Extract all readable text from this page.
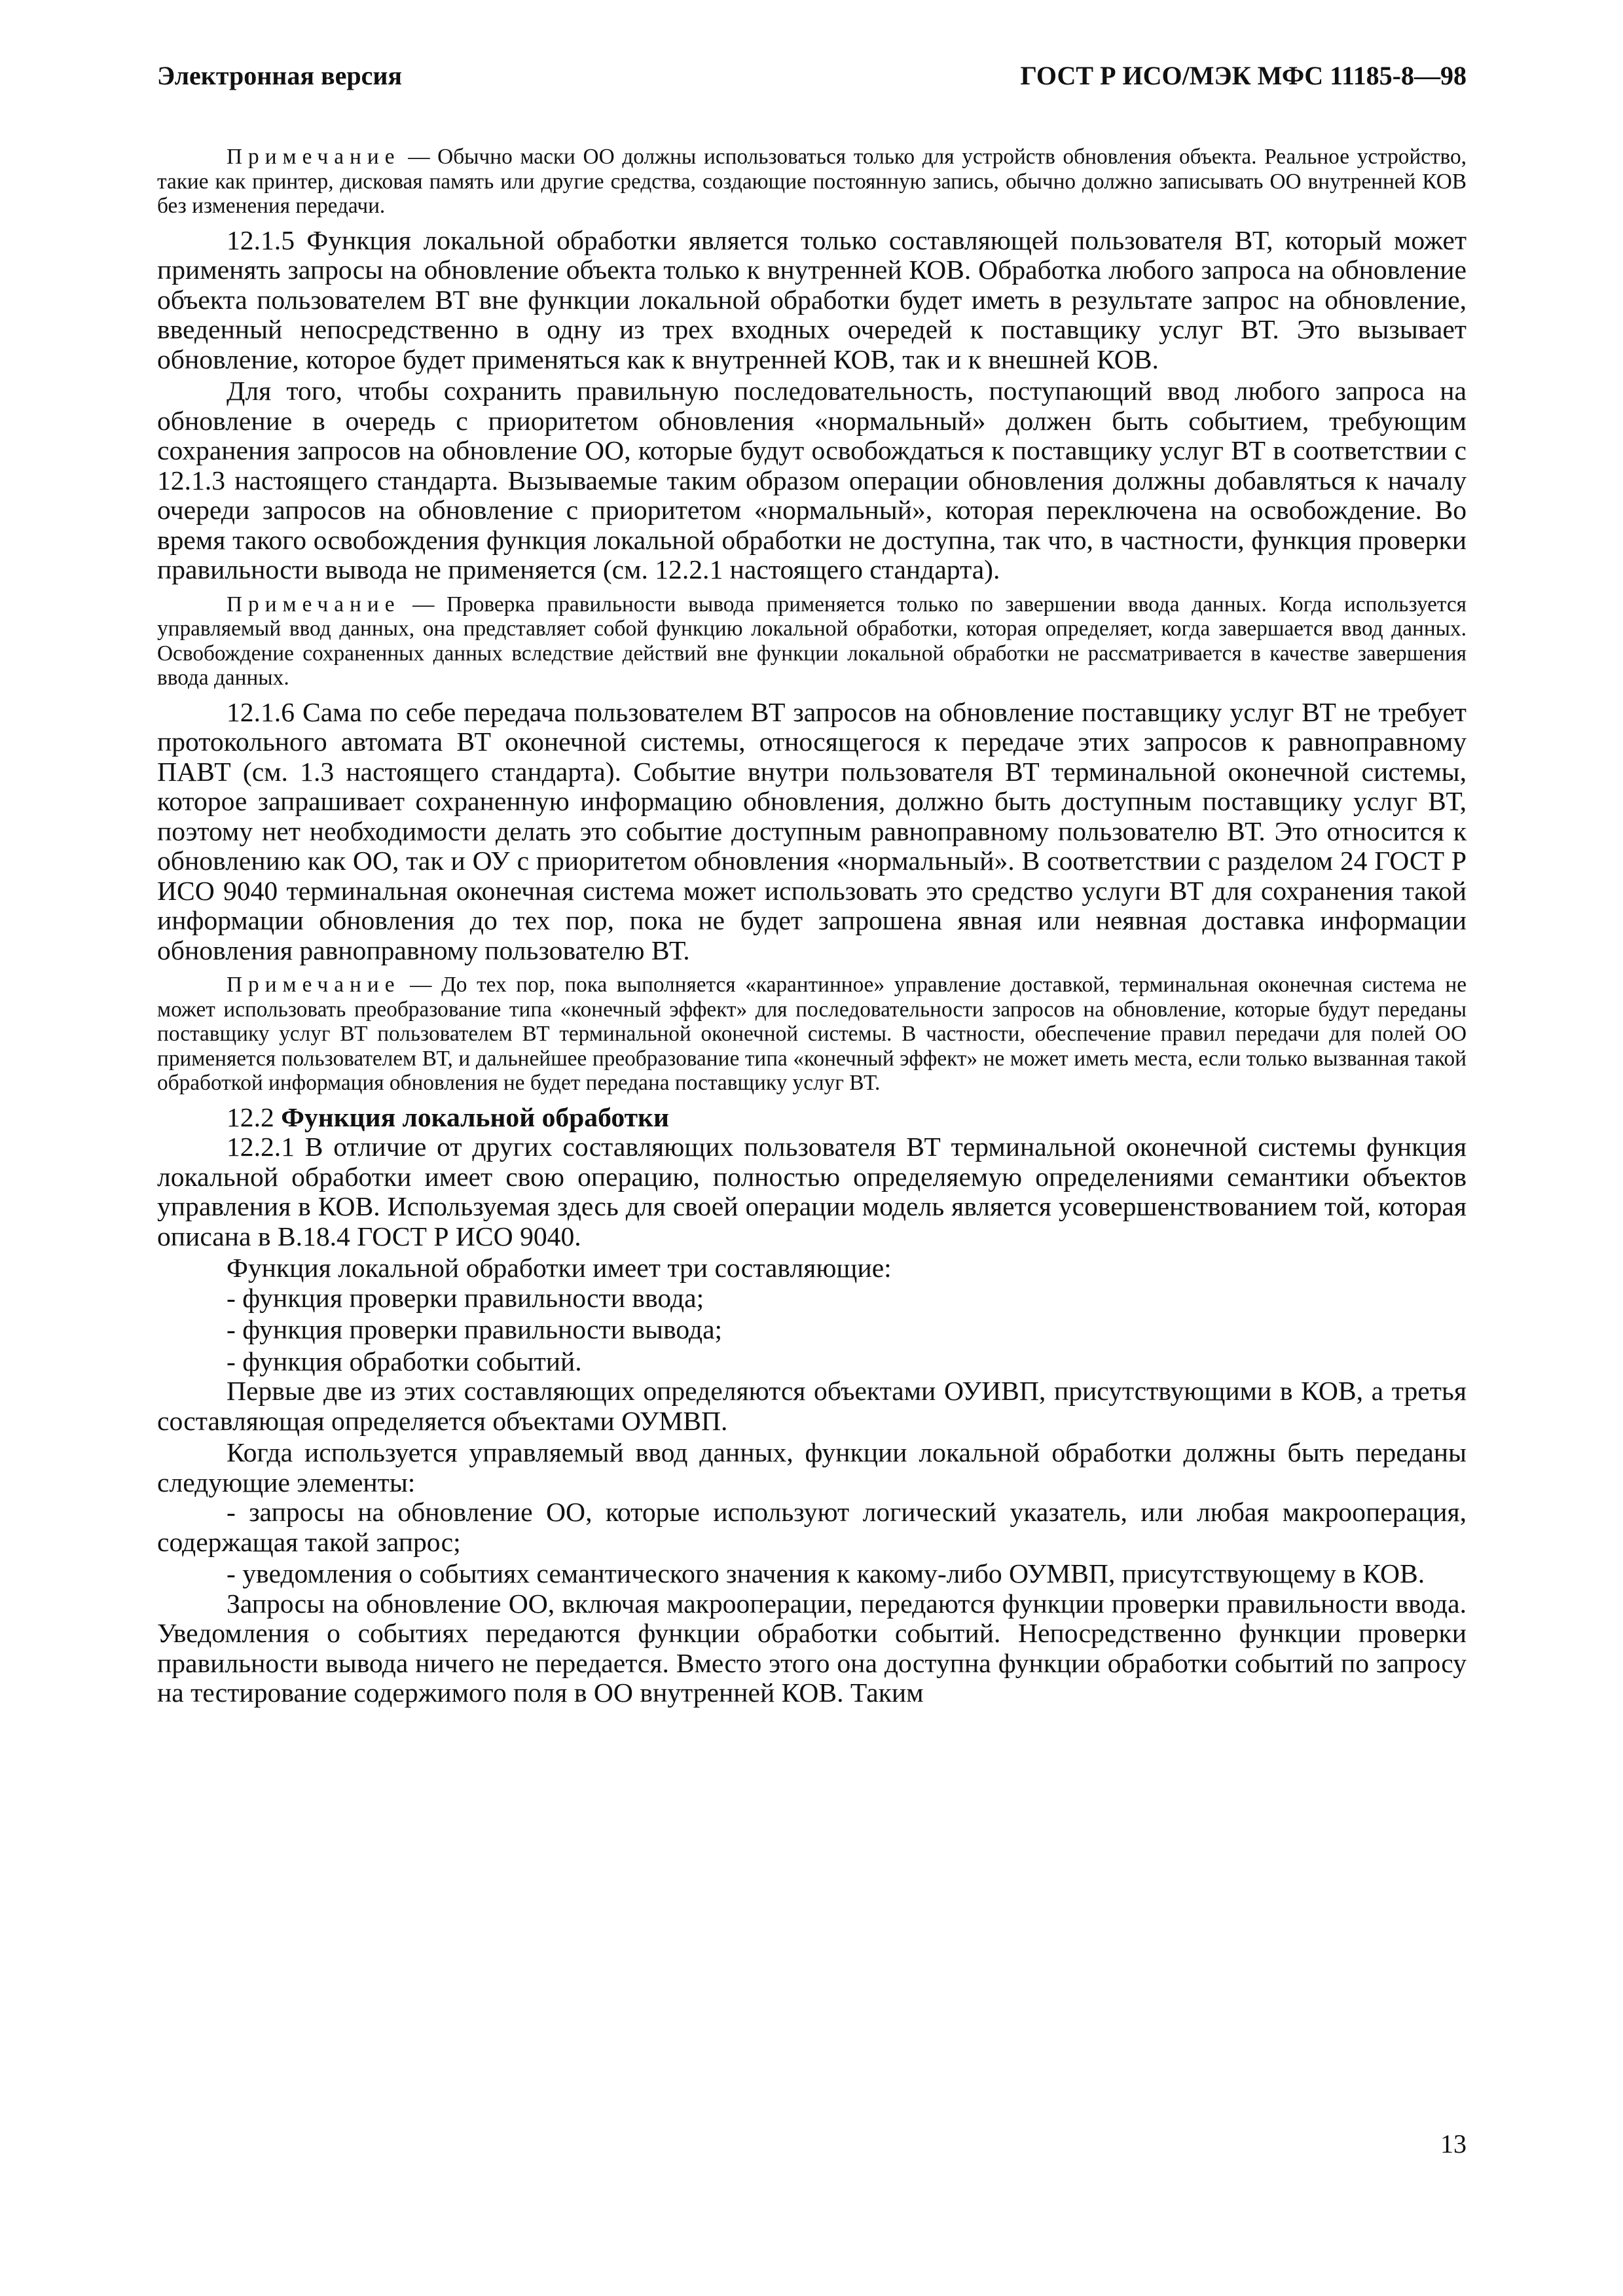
Электронная версия	ГОСТ Р ИСО/МЭК МФС 11185-8—98

Примечание — Обычно маски ОО должны использоваться только для устройств обновления объекта. Реальное устройство, такие как принтер, дисковая память или другие средства, создающие постоянную запись, обычно должно записывать ОО внутренней КОВ без изменения передачи.

12.1.5 Функция локальной обработки является только составляющей пользователя ВТ, который может применять запросы на обновление объекта только к внутренней КОВ. Обработка любого запроса на обновление объекта пользователем ВТ вне функции локальной обработки будет иметь в результате запрос на обновление, введенный непосредственно в одну из трех входных очередей к поставщику услуг ВТ. Это вызывает обновление, которое будет применяться как к внутренней КОВ, так и к внешней КОВ.

Для того, чтобы сохранить правильную последовательность, поступающий ввод любого запроса на обновление в очередь с приоритетом обновления «нормальный» должен быть событием, требующим сохранения запросов на обновление ОО, которые будут освобождаться к поставщику услуг ВТ в соответствии с 12.1.3 настоящего стандарта. Вызываемые таким образом операции обновления должны добавляться к началу очереди запросов на обновление с приоритетом «нормальный», которая переключена на освобождение. Во время такого освобождения функция локальной обработки не доступна, так что, в частности, функция проверки правильности вывода не применяется (см. 12.2.1 настоящего стандарта).

Примечание — Проверка правильности вывода применяется только по завершении ввода данных. Когда используется управляемый ввод данных, она представляет собой функцию локальной обработки, которая определяет, когда завершается ввод данных. Освобождение сохраненных данных вследствие действий вне функции локальной обработки не рассматривается в качестве завершения ввода данных.

12.1.6 Сама по себе передача пользователем ВТ запросов на обновление поставщику услуг ВТ не требует протокольного автомата ВТ оконечной системы, относящегося к передаче этих запросов к равноправному ПАВТ (см. 1.3 настоящего стандарта). Событие внутри пользователя ВТ терминальной оконечной системы, которое запрашивает сохраненную информацию обновления, должно быть доступным поставщику услуг ВТ, поэтому нет необходимости делать это событие доступным равноправному пользователю ВТ. Это относится к обновлению как ОО, так и ОУ с приоритетом обновления «нормальный». В соответствии с разделом 24 ГОСТ Р ИСО 9040 терминальная оконечная система может использовать это средство услуги ВТ для сохранения такой информации обновления до тех пор, пока не будет запрошена явная или неявная доставка информации обновления равноправному пользователю ВТ.

Примечание — До тех пор, пока выполняется «карантинное» управление доставкой, терминальная оконечная система не может использовать преобразование типа «конечный эффект» для последовательности запросов на обновление, которые будут переданы поставщику услуг ВТ пользователем ВТ терминальной оконечной системы. В частности, обеспечение правил передачи для полей ОО применяется пользователем ВТ, и дальнейшее преобразование типа «конечный эффект» не может иметь места, если только вызванная такой обработкой информация обновления не будет передана поставщику услуг ВТ.

12.2 Функция локальной обработки

12.2.1 В отличие от других составляющих пользователя ВТ терминальной оконечной системы функция локальной обработки имеет свою операцию, полностью определяемую определениями семантики объектов управления в КОВ. Используемая здесь для своей операции модель является усовершенствованием той, которая описана в В.18.4 ГОСТ Р ИСО 9040.

Функция локальной обработки имеет три составляющие:

- функция проверки правильности ввода;

- функция проверки правильности вывода;

- функция обработки событий.

Первые две из этих составляющих определяются объектами ОУИВП, присутствующими в КОВ, а третья составляющая определяется объектами ОУМВП.

Когда используется управляемый ввод данных, функции локальной обработки должны быть переданы следующие элементы:

- запросы на обновление ОО, которые используют логический указатель, или любая макрооперация, содержащая такой запрос;

- уведомления о событиях семантического значения к какому-либо ОУМВП, присутствующему в КОВ.

Запросы на обновление ОО, включая макрооперации, передаются функции проверки правильности ввода. Уведомления о событиях передаются функции обработки событий. Непосредственно функции проверки правильности вывода ничего не передается. Вместо этого она доступна функции обработки событий по запросу на тестирование содержимого поля в ОО внутренней КОВ. Таким

13
